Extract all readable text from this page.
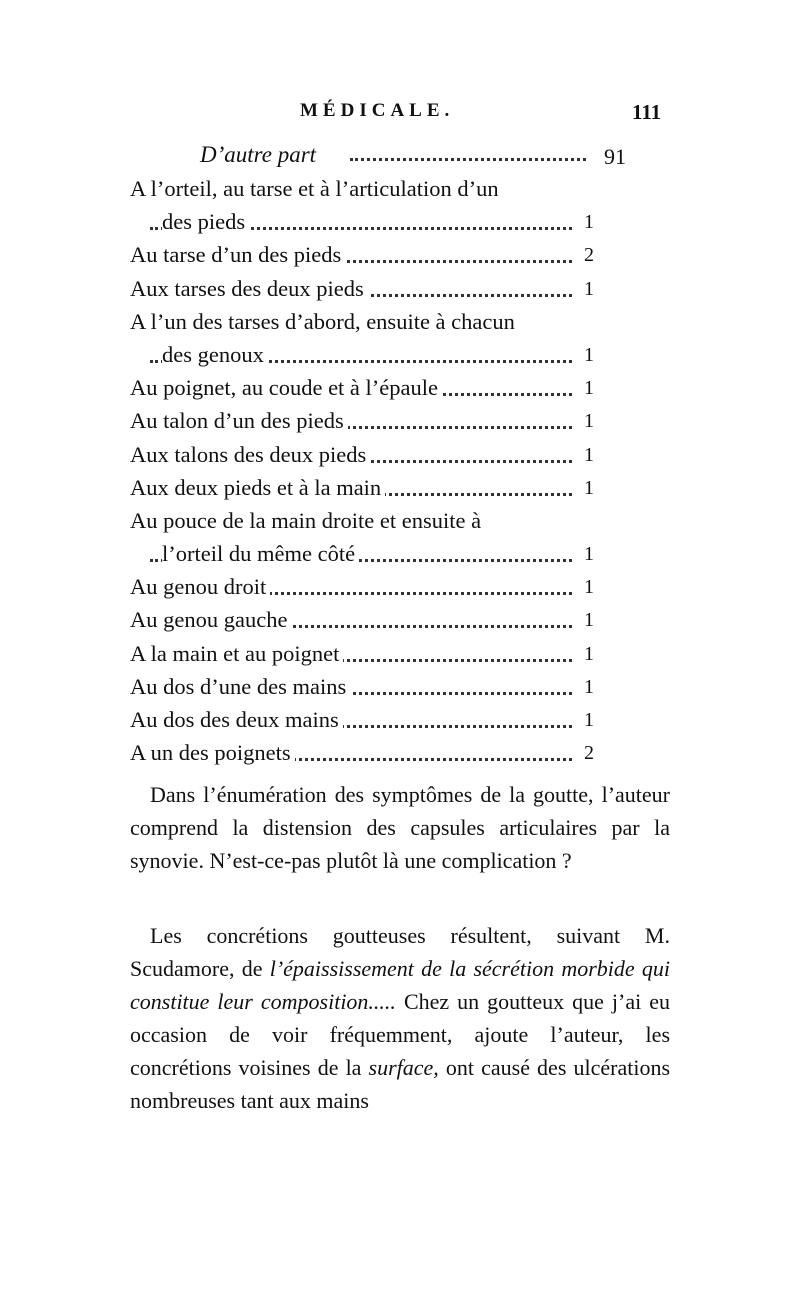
MÉDICALE.	111
D’autre part	91
A l’orteil, au tarse et à l’articulation d’un
des pieds	1
Au tarse d’un des pieds	2
Aux tarses des deux pieds	1
A l’un des tarses d’abord, ensuite à chacun
des genoux	1
Au poignet, au coude et à l’épaule	1
Au talon d’un des pieds	1
Aux talons des deux pieds	1
Aux deux pieds et à la main	1
Au pouce de la main droite et ensuite à
l’orteil du même côté	1
Au genou droit	1
Au genou gauche	1
A la main et au poignet	1
Au dos d’une des mains	1
Au dos des deux mains	1
A un des poignets	2

Dans l’énumération des symptômes de la goutte, l’auteur comprend la distension des capsules articulaires par la synovie. N’est-ce-pas plutôt là une complication ?

Les concrétions goutteuses résultent, suivant M. Scudamore, de l’épaississement de la sécrétion morbide qui constitue leur composition..... Chez un goutteux que j’ai eu occasion de voir fréquemment, ajoute l’auteur, les concrétions voisines de la surface, ont causé des ulcérations nombreuses tant aux mains
